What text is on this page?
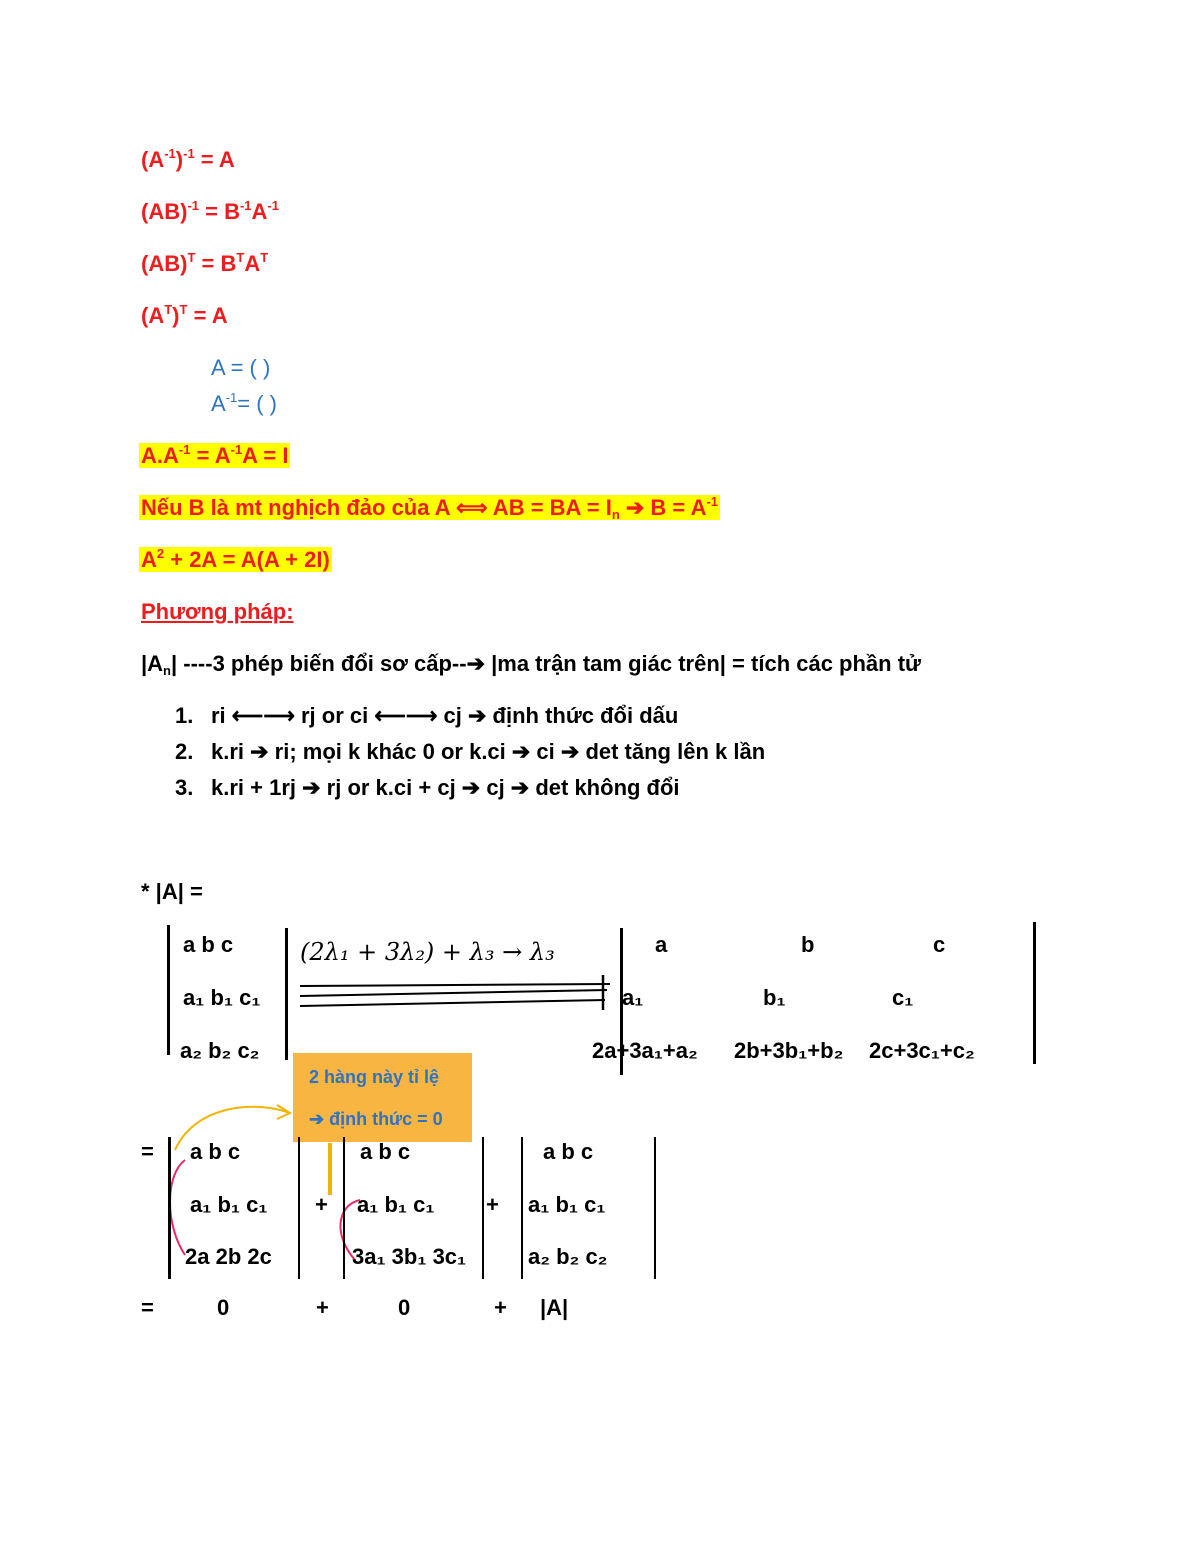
$(A^{-1})^{-1} = A$
$(AB)^{-1} = B^{-1}A^{-1}$
$(AB)^T = B^TA^T$
$(A^T)^T = A$
A = ( )
$A^{-1}=$ ( )
$A.A^{-1} = A^{-1}A = I$
Nếu B là mt nghịch đảo của A ⟺ AB = BA = $I_n$ ➔ $B = A^{-1}$
$A^2 + 2A = A(A + 2I)$
Phương pháp:
$|A_n|$ ----3 phép biến đổi sơ cấp--➔ |ma trận tam giác trên| = tích các phần tử
1. ri ⟵⟶ rj or ci ⟵⟶ cj ➔ định thức đổi dấu
2. k.ri ➔ ri; mọi k khác 0 or k.ci ➔ ci ➔ det tăng lên k lần
3. k.ri + 1rj ➔ rj or k.ci + cj ➔ cj ➔ det không đổi
* |A| =
a b c
a₁ b₁ c₁
a₂ b₂ c₂
(2λ₁ + 3λ₂) + λ₃ → λ₃	a	b	c
a₁	b₁	c₁
2a+3a₁+a₂ 2b+3b₁+b₂ 2c+3c₁+c₂
2 hàng này tỉ lệ
➔ định thức = 0
= a b c
a₁ b₁ c₁
2a 2b 2c
+
a b c
a₁ b₁ c₁
3a₁ 3b₁ 3c₁
+
a b c
a₁ b₁ c₁
a₂ b₂ c₂
=	0	+	0	+ |A|
